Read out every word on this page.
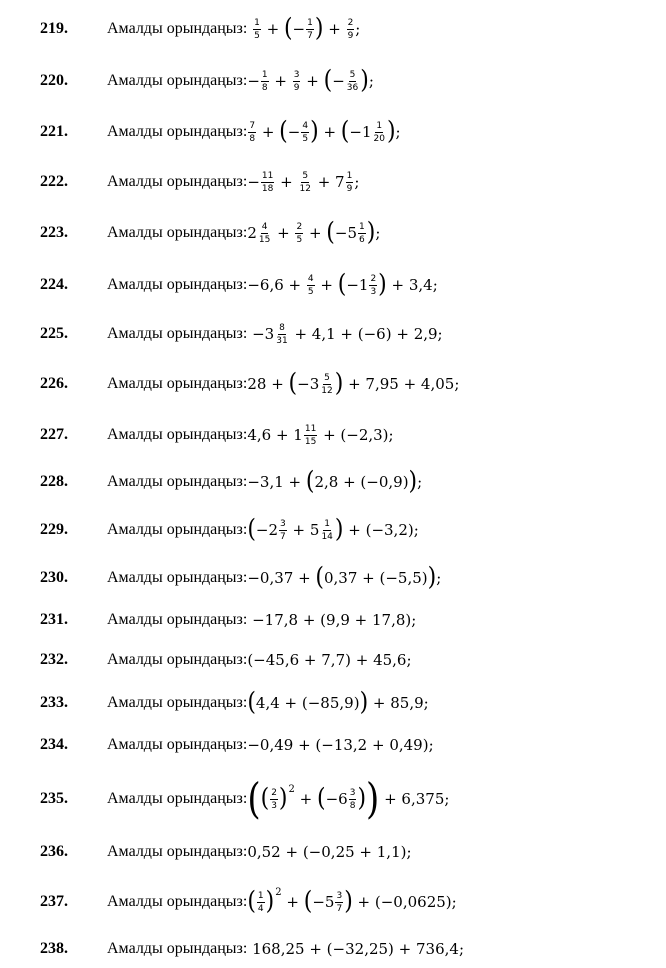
219. Амалды орындаңыз:
$\frac{1}{5}$ + ( − $\frac{1}{7}$ ) + $\frac{2}{9}$ ;
220. Амалды орындаңыз: − $\frac{1}{8} + \frac{3}{9}$ + ( − $\frac{5}{36}$ ) ;
221. Амалды орындаңыз: $\frac{7}{8}$ + ( − $\frac{4}{5}$ ) + ( − $1 \frac{1}{20}$ ) ;
222. Амалды орындаңыз: − $\frac{11}{18} + \frac{5}{12} + 7 \frac{1}{9}$ ;
223. Амалды орындаңыз: $2 \frac{4}{15} + \frac{2}{5}$ + ( − $5 \frac{1}{6}$ ) ;
224. Амалды орындаңыз: − $6,6 + \frac{4}{5}$ + ( − $1 \frac{2}{3}$ ) + 3,4 ;
225. Амалды орындаңыз: − $3 \frac{8}{31} + 4,1 + (-6) + 2,9$ ;
226. Амалды орындаңыз: 28 + ( − $3 \frac{5}{12}$ ) + 7,95 + 4,05 ;
227. Амалды орындаңыз: $4,6 + 1 \frac{11}{15} + (-2,3)$ ;
228. Амалды орындаңыз: −3,1 + ( 2,8 + (−0,9) ) ;
229. Амалды орындаңыз: ( − $2 \frac{3}{7} + 5 \frac{1}{14}$ ) + (−3,2) ;
230. Амалды орындаңыз: −0,37 + ( 0,37 + (−5,5) ) ;
231. Амалды орындаңыз: −17,8 + (9,9 + 17,8);
232. Амалды орындаңыз: (−45,6 + 7,7) + 45,6;
233. Амалды орындаңыз: ( 4,4 + (−85,9) ) + 85,9;
234. Амалды орындаңыз: −0,49 + (−13,2 + 0,49);
235. Амалды орындаңыз: ( ( $\frac{2}{3}$ ) 2
+ ( − $6 \frac{3}{8}$ ) ) + 6,375 ;
236. Амалды орындаңыз: 0,52 + (−0,25 + 1,1);
237. Амалды орындаңыз: ( $\frac{1}{4}$ ) 2
+ ( − $5 \frac{3}{7}$ ) + (−0,0625) ;
238. Амалды орындаңыз: 168,25 + (−32,25) + 736,4;
